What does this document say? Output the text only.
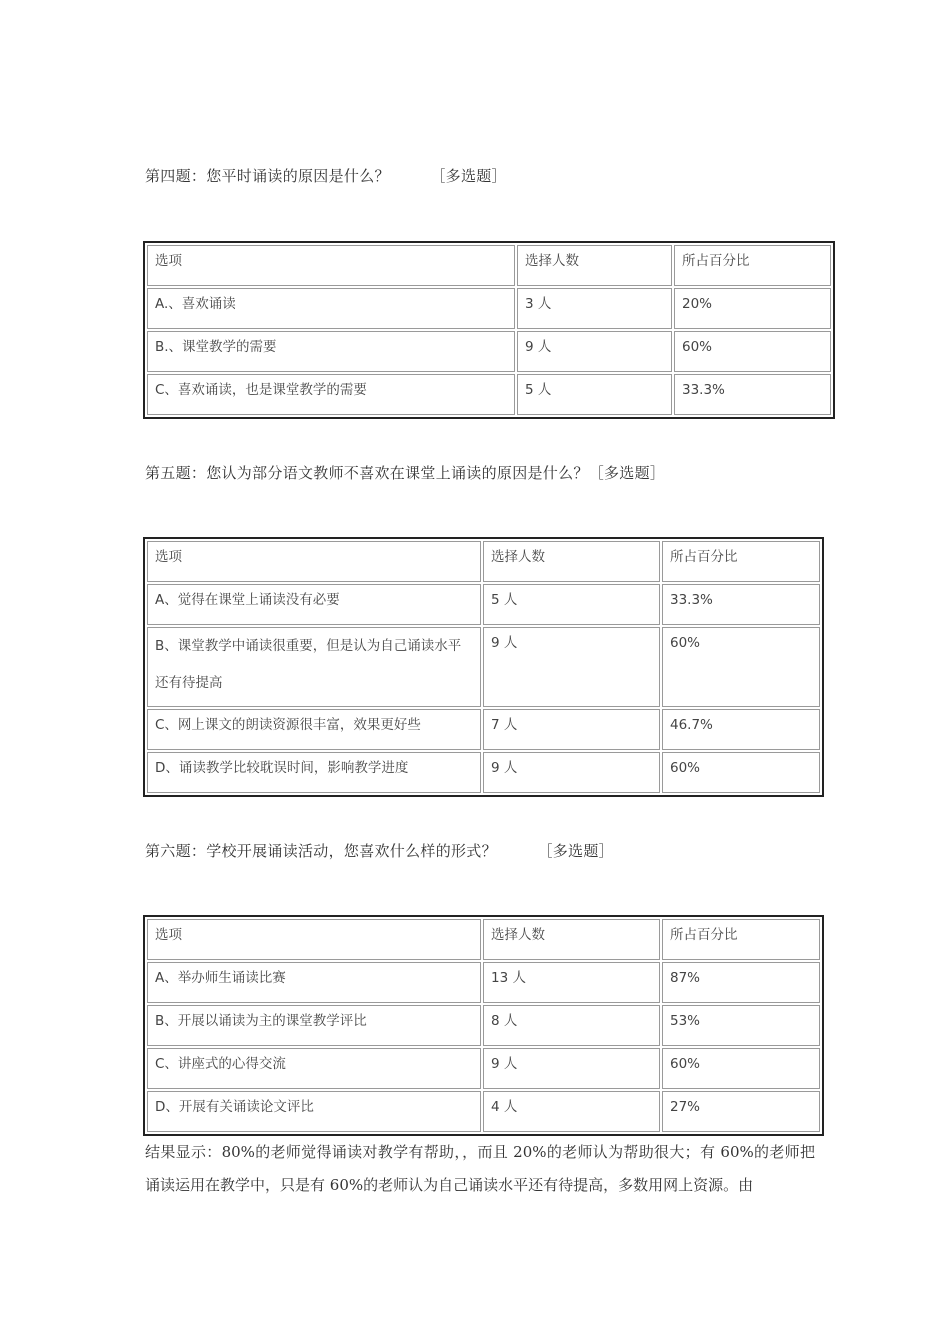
第四题：您平时诵读的原因是什么？        ［多选题］
选项	选择人数	所占百分比
A.、喜欢诵读	3 人	20%
B.、课堂教学的需要	9 人	60%
C、喜欢诵读，也是课堂教学的需要	5 人	33.3%
第五题：您认为部分语文教师不喜欢在课堂上诵读的原因是什么？［多选题］
选项	选择人数	所占百分比
A、觉得在课堂上诵读没有必要	5 人	33.3%
B、课堂教学中诵读很重要，但是认为自己诵读水平还有待提高	9 人	60%
C、网上课文的朗读资源很丰富，效果更好些	7 人	46.7%
D、诵读教学比较耽误时间，影响教学进度	9 人	60%
第六题：学校开展诵读活动，您喜欢什么样的形式？        ［多选题］
选项	选择人数	所占百分比
A、举办师生诵读比赛	13 人	87%
B、开展以诵读为主的课堂教学评比	8 人	53%
C、讲座式的心得交流	9 人	60%
D、开展有关诵读论文评比	4 人	27%
结果显示：80%的老师觉得诵读对教学有帮助，，而且 20%的老师认为帮助很大；有 60%的老师把诵读运用在教学中，只是有 60%的老师认为自己诵读水平还有待提高，多数用网上资源。由
